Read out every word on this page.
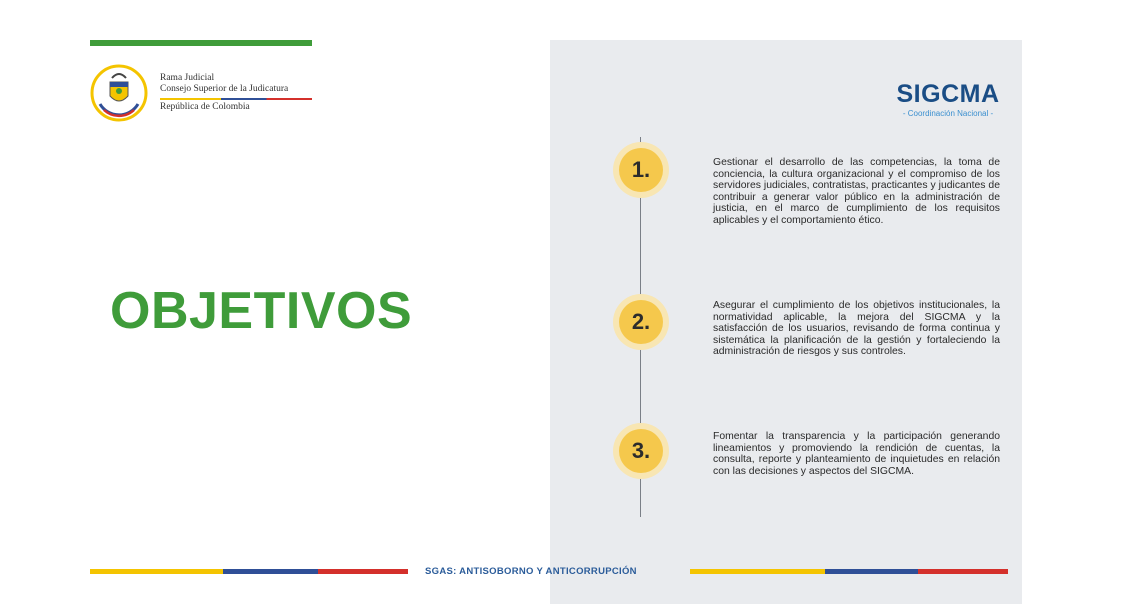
Rama Judicial
Consejo Superior de la Judicatura
República de Colombia
OBJETIVOS
SIGCMA
- Coordinación Nacional -
1.	Gestionar el desarrollo de las competencias, la toma de conciencia, la cultura organizacional y el compromiso de los servidores judiciales, contratistas, practicantes y judicantes de contribuir a generar valor público en la administración de justicia, en el marco de cumplimiento de los requisitos aplicables y el comportamiento ético.
2.
Asegurar el cumplimiento de los objetivos institucionales, la normatividad aplicable, la mejora del SIGCMA y la satisfacción de los usuarios, revisando de forma continua y sistemática la planificación de la gestión y fortaleciendo la administración de riesgos y sus controles.
3.
Fomentar la transparencia y la participación generando lineamientos y promoviendo la rendición de cuentas, la consulta, reporte y planteamiento de inquietudes en relación con las decisiones y aspectos del SIGCMA.
SGAS: ANTISOBORNO Y ANTICORRUPCIÓN
